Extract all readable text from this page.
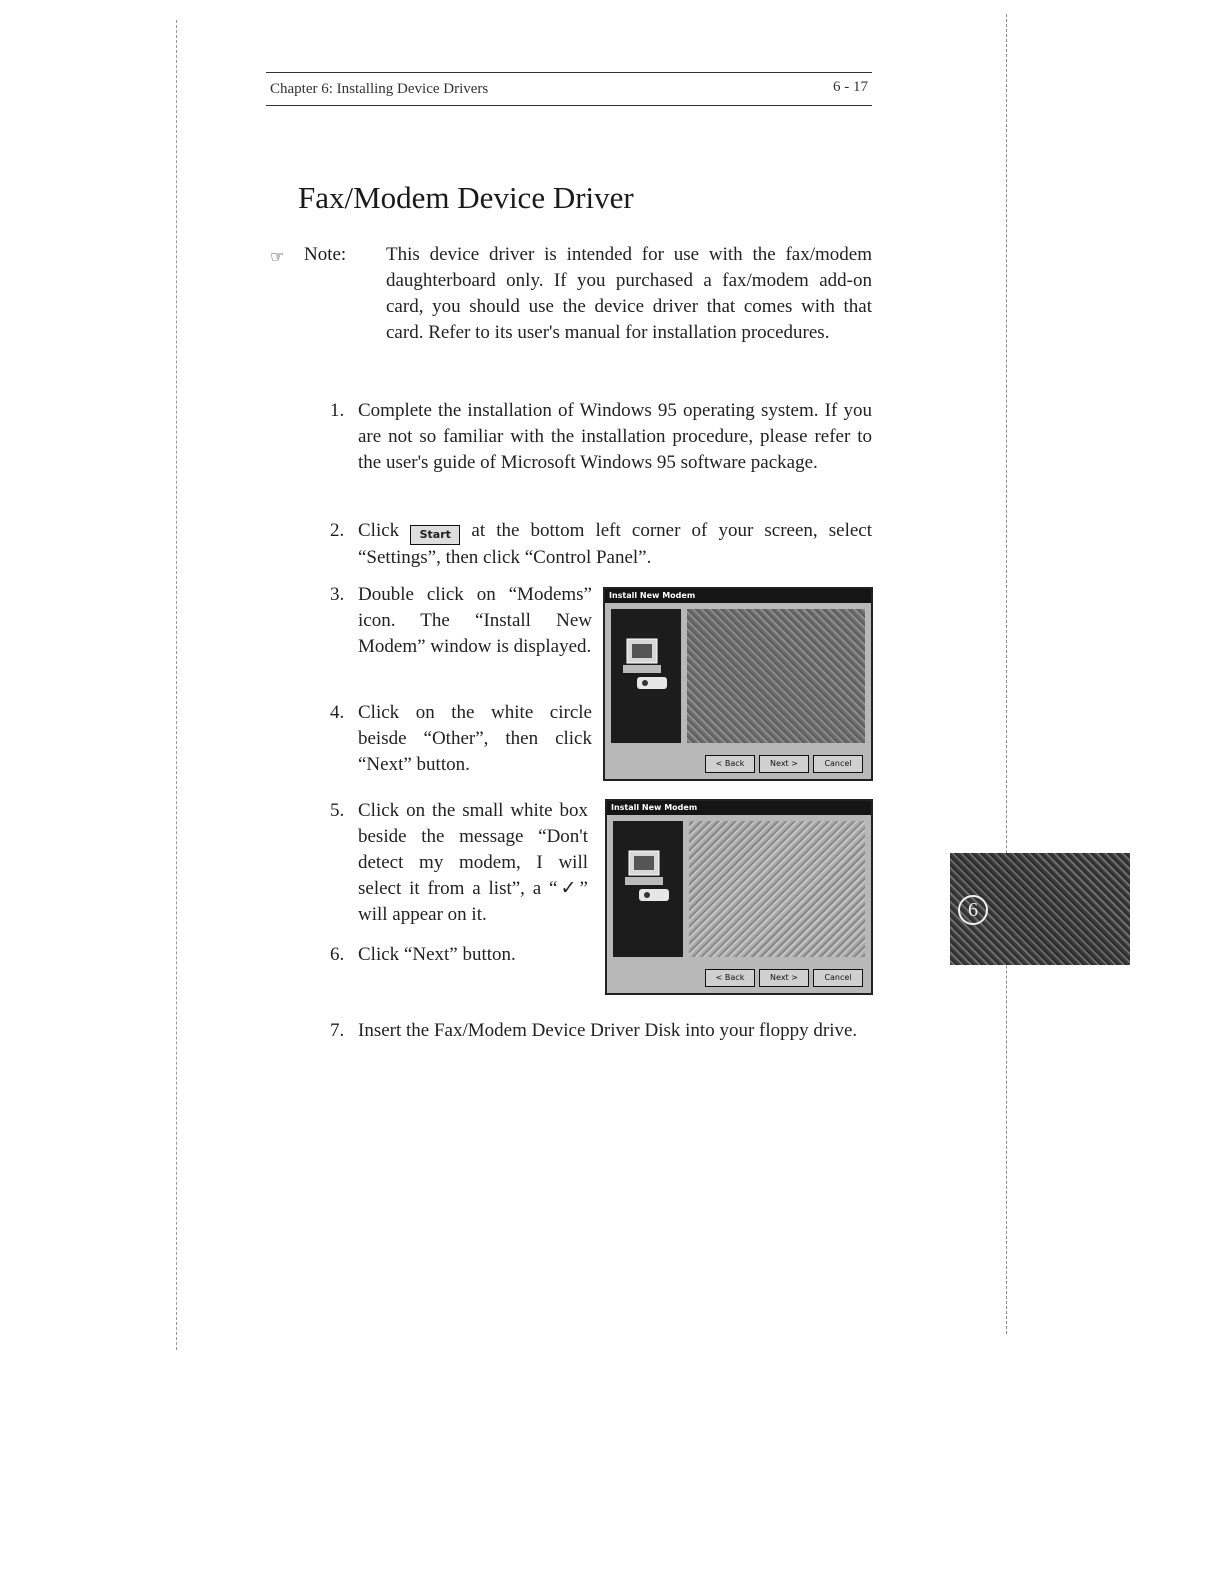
Chapter 6: Installing Device Drivers	6 - 17
Fax/Modem Device Driver
☞ Note: This device driver is intended for use with the fax/modem daughterboard only. If you purchased a fax/modem add-on card, you should use the device driver that comes with that card. Refer to its user's manual for installation procedures.
1. Complete the installation of Windows 95 operating system. If you are not so familiar with the installation procedure, please refer to the user's guide of Microsoft Windows 95 software package.
2. Click Start at the bottom left corner of your screen, select “Settings”, then click “Control Panel”.
3. Double click on “Modems” icon. The “Install New Modem” window is displayed.
4. Click on the white circle beisde “Other”, then click “Next” button.
5. Click on the small white box beside the message “Don't detect my modem, I will select it from a list”, a “✓” will appear on it.
6. Click “Next” button.
7. Insert the Fax/Modem Device Driver Disk into your floppy drive.
Install New Modem
< Back	Next >	Cancel
Install New Modem
< Back	Next >	Cancel
6
